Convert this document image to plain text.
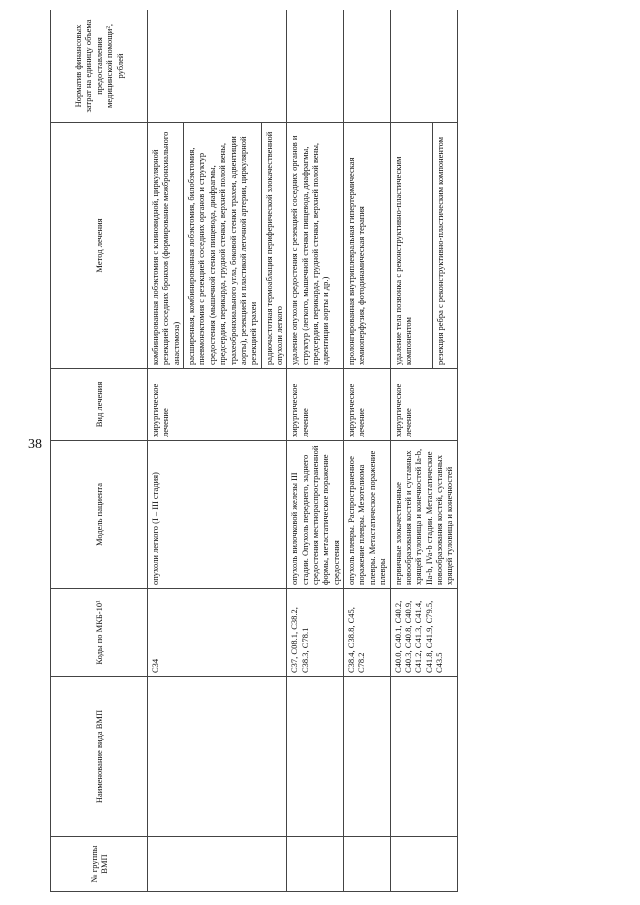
38
№ группы ВМП	Наименование вида ВМП	Коды по МКБ-10¹	Модель пациента	Вид лечения	Метод лечения	Норматив финансовых затрат на единицу объема предоставления медицинской помощи², рублей
		C34	опухоли легкого (I – III стадия)	хирургическое лечение	комбинированная лобэктомия с клиновидной, циркулярной резекцией соседних бронхов (формирование межбронхиального анастомоза)	
					расширенная, комбинированная лобэктомия, билобэктомия, пневмонэктомия с резекцией соседних органов и структур средостения (мышечной стенки пищевода, диафрагмы, предсердия, перикарда, грудной стенки, верхней полой вены, трахеобронхиального угла, боковой стенки трахеи, адвентиции аорты), резекцией и пластикой легочной артерии, циркулярной резекцией трахеи	
					радиочастотная термоаблация периферической злокачественной опухоли легкого	
		C37, C08.1, C38.2, C38.3, C78.1	опухоль вилочковой железы III стадии. Опухоль переднего, заднего средостения местнораспространенной формы, метастатическое поражение средостения	хирургическое лечение	удаление опухоли средостения с резекцией соседних органов и структур (легкого, мышечной стенки пищевода, диафрагмы, предсердия, перикарда, грудной стенки, верхней полой вены, адвентиции аорты и др.)	
		C38.4, C38.8, C45, C78.2	опухоль плевры. Распространенное поражение плевры. Мезотелиома плевры. Метастатическое поражение плевры	хирургическое лечение	пролонгированная внутриплевральная гипертермическая хемиоперфузия, фотодинамическая терапия	
		C40.0, C40.1, C40.2, C40.3, C40.8, C40.9, C41.2, C41.3, C41.4, C41.8, C41.9, C79.5, C43.5	первичные злокачественные новообразования костей и суставных хрящей туловища и конечностей Ia-b, IIa-b, IVa-b стадии. Метастатические новообразования костей, суставных хрящей туловища и конечностей	хирургическое лечение	удаление тела позвонка с реконструктивно-пластическим компонентом	
					резекция ребра с реконструктивно-пластическим компонентом	
